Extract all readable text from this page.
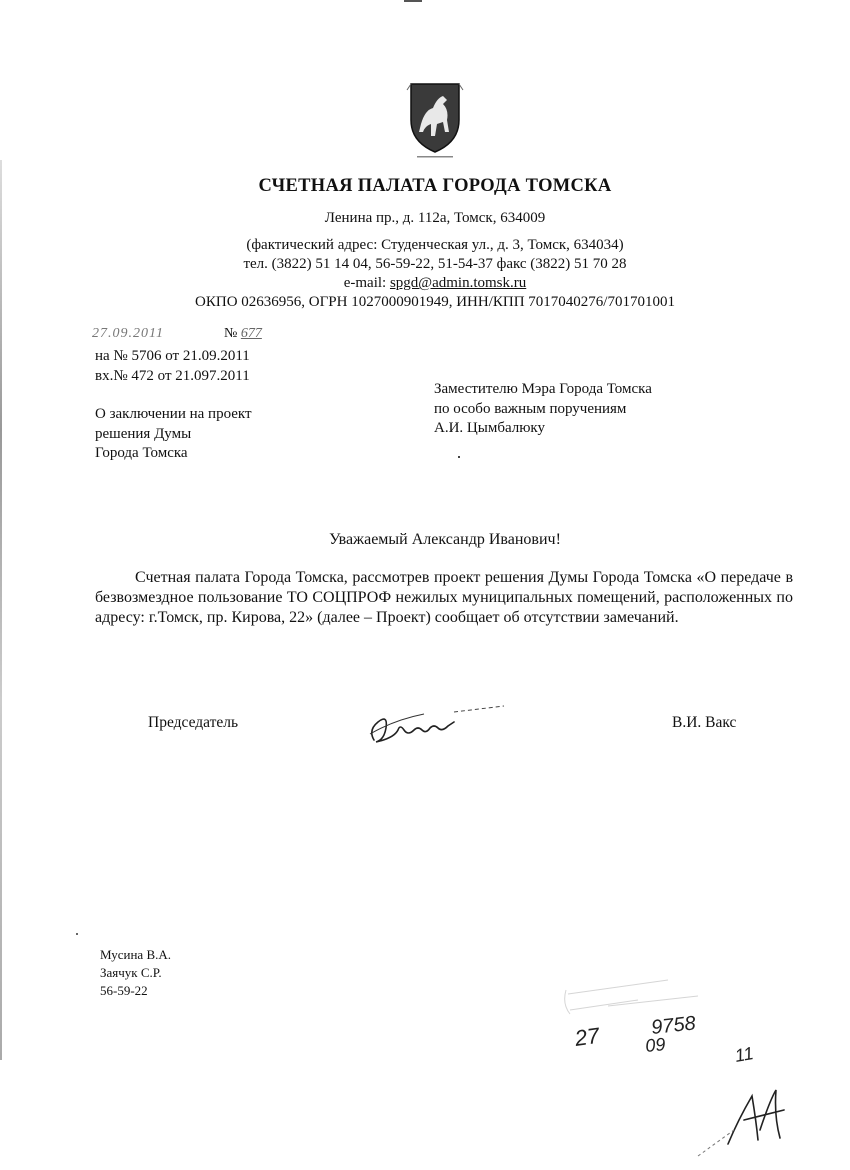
СЧЕТНАЯ ПАЛАТА ГОРОДА ТОМСКА
Ленина пр., д. 112а, Томск, 634009
(фактический адрес: Студенческая ул., д. 3, Томск, 634034)
тел. (3822) 51 14 04, 56-59-22, 51-54-37 факс (3822) 51 70 28
e-mail: spgd@admin.tomsk.ru
ОКПО 02636956, ОГРН 1027000901949, ИНН/КПП 7017040276/701701001
27.09.2011	№ 677
на № 5706 от 21.09.2011
вх.№ 472 от 21.097.2011
О заключении на проект
решения Думы
Города Томска
Заместителю Мэра Города Томска
по особо важным поручениям
А.И. Цымбалюку
Уважаемый Александр Иванович!
Счетная палата Города Томска, рассмотрев проект решения Думы Города Томска «О передаче в безвозмездное пользование ТО СОЦПРОФ нежилых муниципальных помещений, расположенных по адресу: г.Томск, пр. Кирова, 22» (далее – Проект) сообщает об отсутствии замечаний.
Председатель	В.И. Вакс
Мусина В.А.
Заячук С.Р.
56-59-22
27 9758
09	11
